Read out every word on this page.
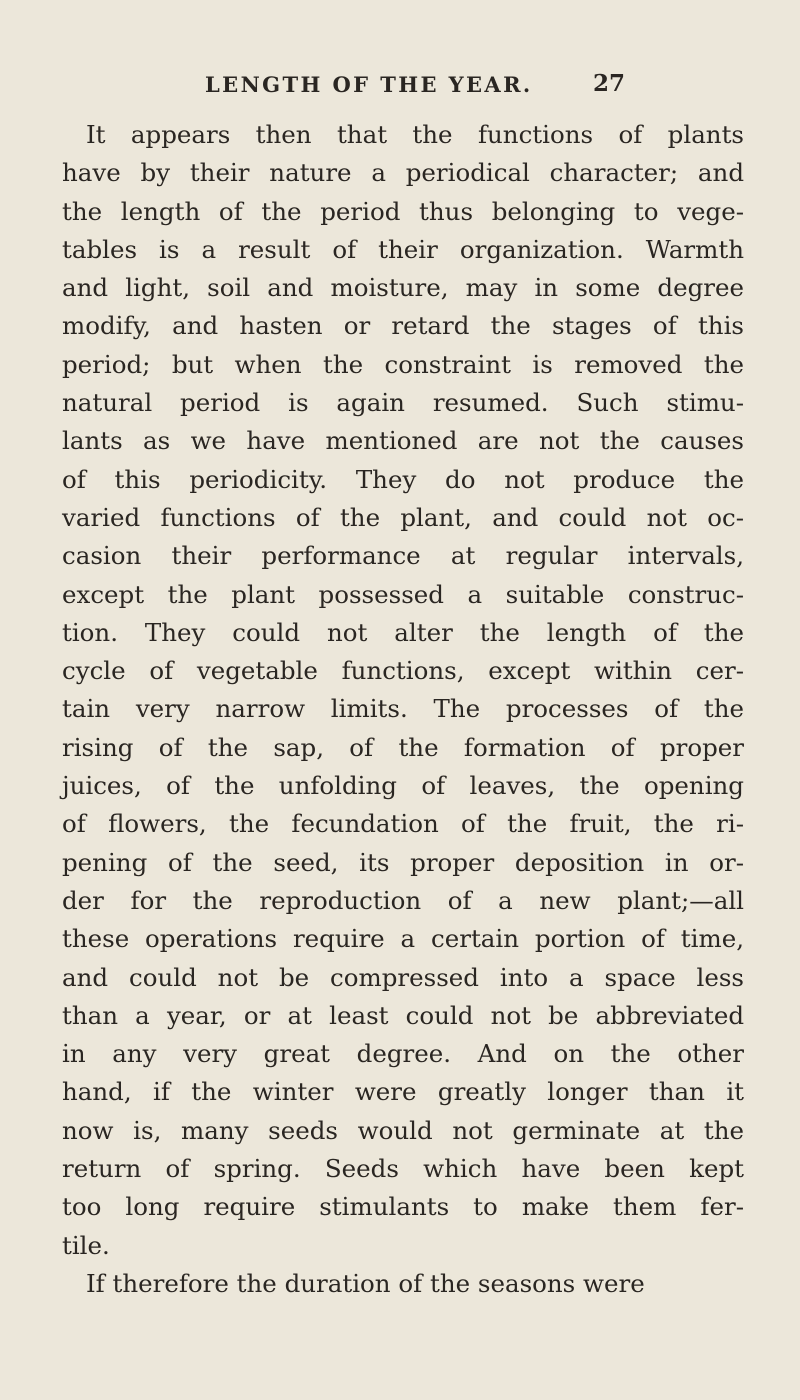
LENGTH OF THE YEAR.	27
It appears then that the functions of plants
have by their nature a periodical character; and
the length of the period thus belonging to vege-
tables is a result of their organization. Warmth
and light, soil and moisture, may in some degree
modify, and hasten or retard the stages of this
period; but when the constraint is removed the
natural period is again resumed. Such stimu-
lants as we have mentioned are not the causes
of this periodicity. They do not produce the
varied functions of the plant, and could not oc-
casion their performance at regular intervals,
except the plant possessed a suitable construc-
tion. They could not alter the length of the
cycle of vegetable functions, except within cer-
tain very narrow limits. The processes of the
rising of the sap, of the formation of proper
juices, of the unfolding of leaves, the opening
of flowers, the fecundation of the fruit, the ri-
pening of the seed, its proper deposition in or-
der for the reproduction of a new plant;—all
these operations require a certain portion of time,
and could not be compressed into a space less
than a year, or at least could not be abbreviated
in any very great degree. And on the other
hand, if the winter were greatly longer than it
now is, many seeds would not germinate at the
return of spring. Seeds which have been kept
too long require stimulants to make them fer-
tile.
If therefore the duration of the seasons were
